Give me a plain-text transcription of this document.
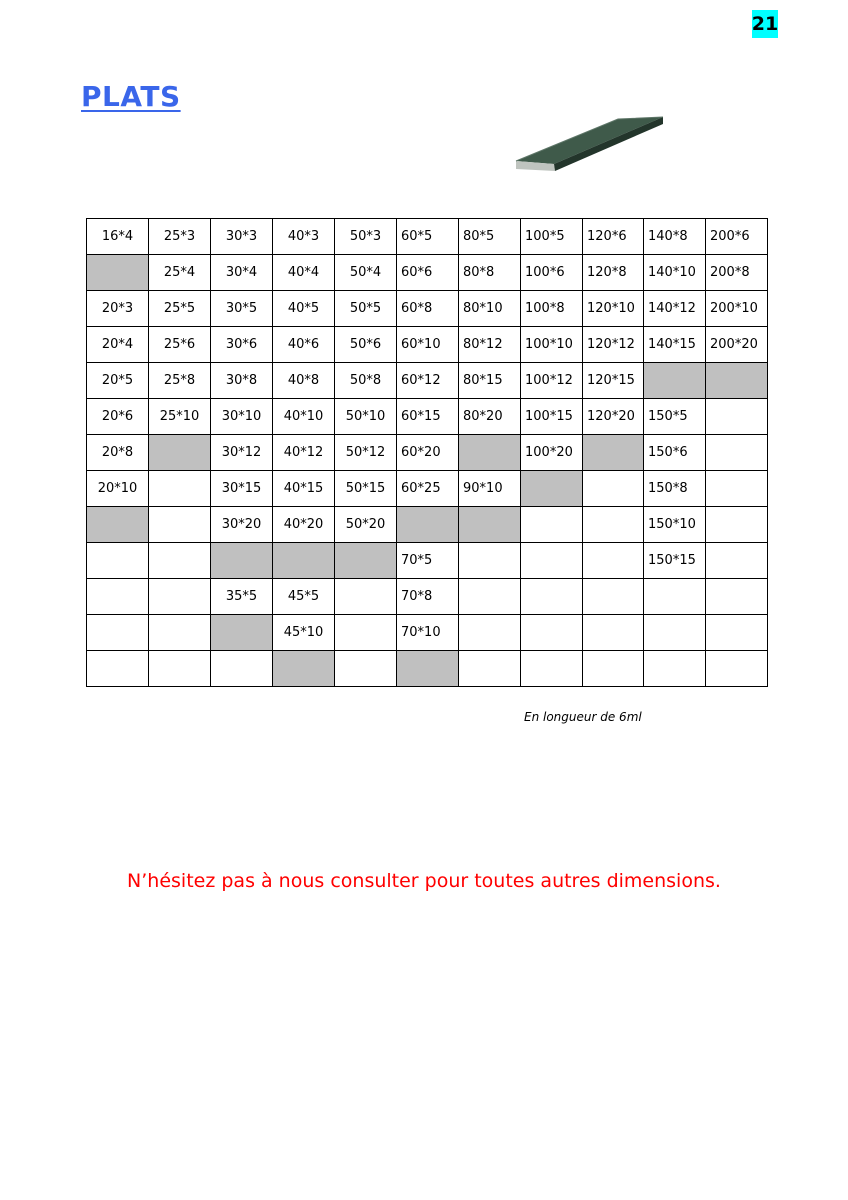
21
PLATS
16*4	25*3	30*3	40*3	50*3	60*5	80*5	100*5	120*6	140*8	200*6
	25*4	30*4	40*4	50*4	60*6	80*8	100*6	120*8	140*10	200*8
20*3	25*5	30*5	40*5	50*5	60*8	80*10	100*8	120*10	140*12	200*10
20*4	25*6	30*6	40*6	50*6	60*10	80*12	100*10	120*12	140*15	200*20
20*5	25*8	30*8	40*8	50*8	60*12	80*15	100*12	120*15		
20*6	25*10	30*10	40*10	50*10	60*15	80*20	100*15	120*20	150*5	
20*8		30*12	40*12	50*12	60*20		100*20		150*6	
20*10		30*15	40*15	50*15	60*25	90*10			150*8	
		30*20	40*20	50*20					150*10	
					70*5				150*15	
		35*5	45*5		70*8					
			45*10		70*10					

En longueur de 6ml
N’hésitez pas à nous consulter pour toutes autres dimensions.
